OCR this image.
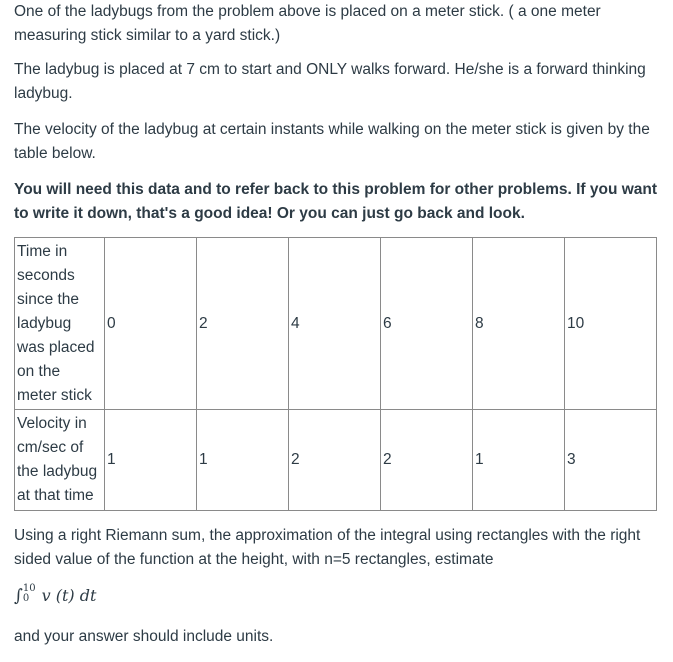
One of the ladybugs from the problem above is placed on a meter stick. ( a one meter measuring stick similar to a yard stick.)

The ladybug is placed at 7 cm to start and ONLY walks forward. He/she is a forward thinking ladybug.

The velocity of the ladybug at certain instants while walking on the meter stick is given by the table below.

You will need this data and to refer back to this problem for other problems. If you want to write it down, that's a good idea! Or you can just go back and look.

Time in seconds since the ladybug was placed on the meter stick	0	2	4	6	8	10
Velocity in cm/sec of the ladybug at that time	1	1	2	2	1	3

Using a right Riemann sum, the approximation of the integral using rectangles with the right sided value of the function at the height, with n=5 rectangles, estimate

∫ 10
0 v (t) dt

and your answer should include units.
